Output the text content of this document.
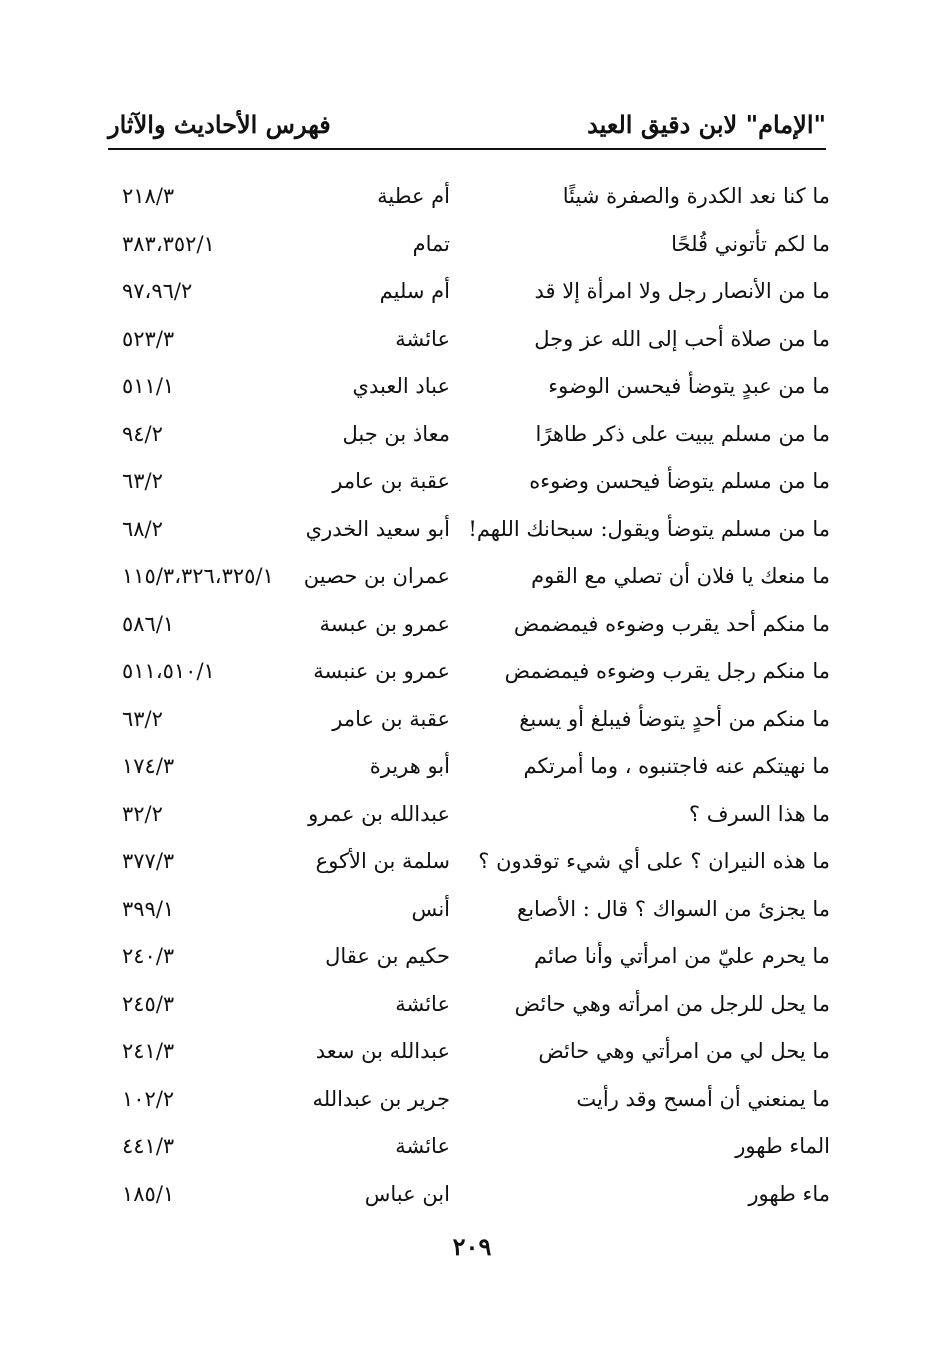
"الإمام" لابن دقيق العيد
فهرس الأحاديث والآثار
ما كنا نعد الكدرة والصفرة شيئًا
أم عطية
٢١٨/٣
ما لكم تأتوني قُلحًا
تمام
٣٨٣،٣٥٢/١
ما من الأنصار رجل ولا امرأة إلا قد
أم سليم
٩٧،٩٦/٢
ما من صلاة أحب إلى الله عز وجل
عائشة
٥٢٣/٣
ما من عبدٍ يتوضأ فيحسن الوضوء
عباد العبدي
٥١١/١
ما من مسلم يبيت على ذكر طاهرًا
معاذ بن جبل
٩٤/٢
ما من مسلم يتوضأ فيحسن وضوءه
عقبة بن عامر
٦٣/٢
ما من مسلم يتوضأ ويقول: سبحانك اللهم!
أبو سعيد الخدري
٦٨/٢
ما منعك يا فلان أن تصلي مع القوم
عمران بن حصين
١١٥/٣،٣٢٦،٣٢٥/١
ما منكم أحد يقرب وضوءه فيمضمض
عمرو بن عبسة
٥٨٦/١
ما منكم رجل يقرب وضوءه فيمضمض
عمرو بن عنبسة
٥١١،٥١٠/١
ما منكم من أحدٍ يتوضأ فيبلغ أو يسبغ
عقبة بن عامر
٦٣/٢
ما نهيتكم عنه فاجتنبوه ، وما أمرتكم
أبو هريرة
١٧٤/٣
ما هذا السرف ؟
عبدالله بن عمرو
٣٢/٢
ما هذه النيران ؟ على أي شيء توقدون ؟
سلمة بن الأكوع
٣٧٧/٣
ما يجزئ من السواك ؟ قال : الأصابع
أنس
٣٩٩/١
ما يحرم عليّ من امرأتي وأنا صائم
حكيم بن عقال
٢٤٠/٣
ما يحل للرجل من امرأته وهي حائض
عائشة
٢٤٥/٣
ما يحل لي من امرأتي وهي حائض
عبدالله بن سعد
٢٤١/٣
ما يمنعني أن أمسح وقد رأيت
جرير بن عبدالله
١٠٢/٢
الماء طهور
عائشة
٤٤١/٣
ماء طهور
ابن عباس
١٨٥/١
٢٠٩
